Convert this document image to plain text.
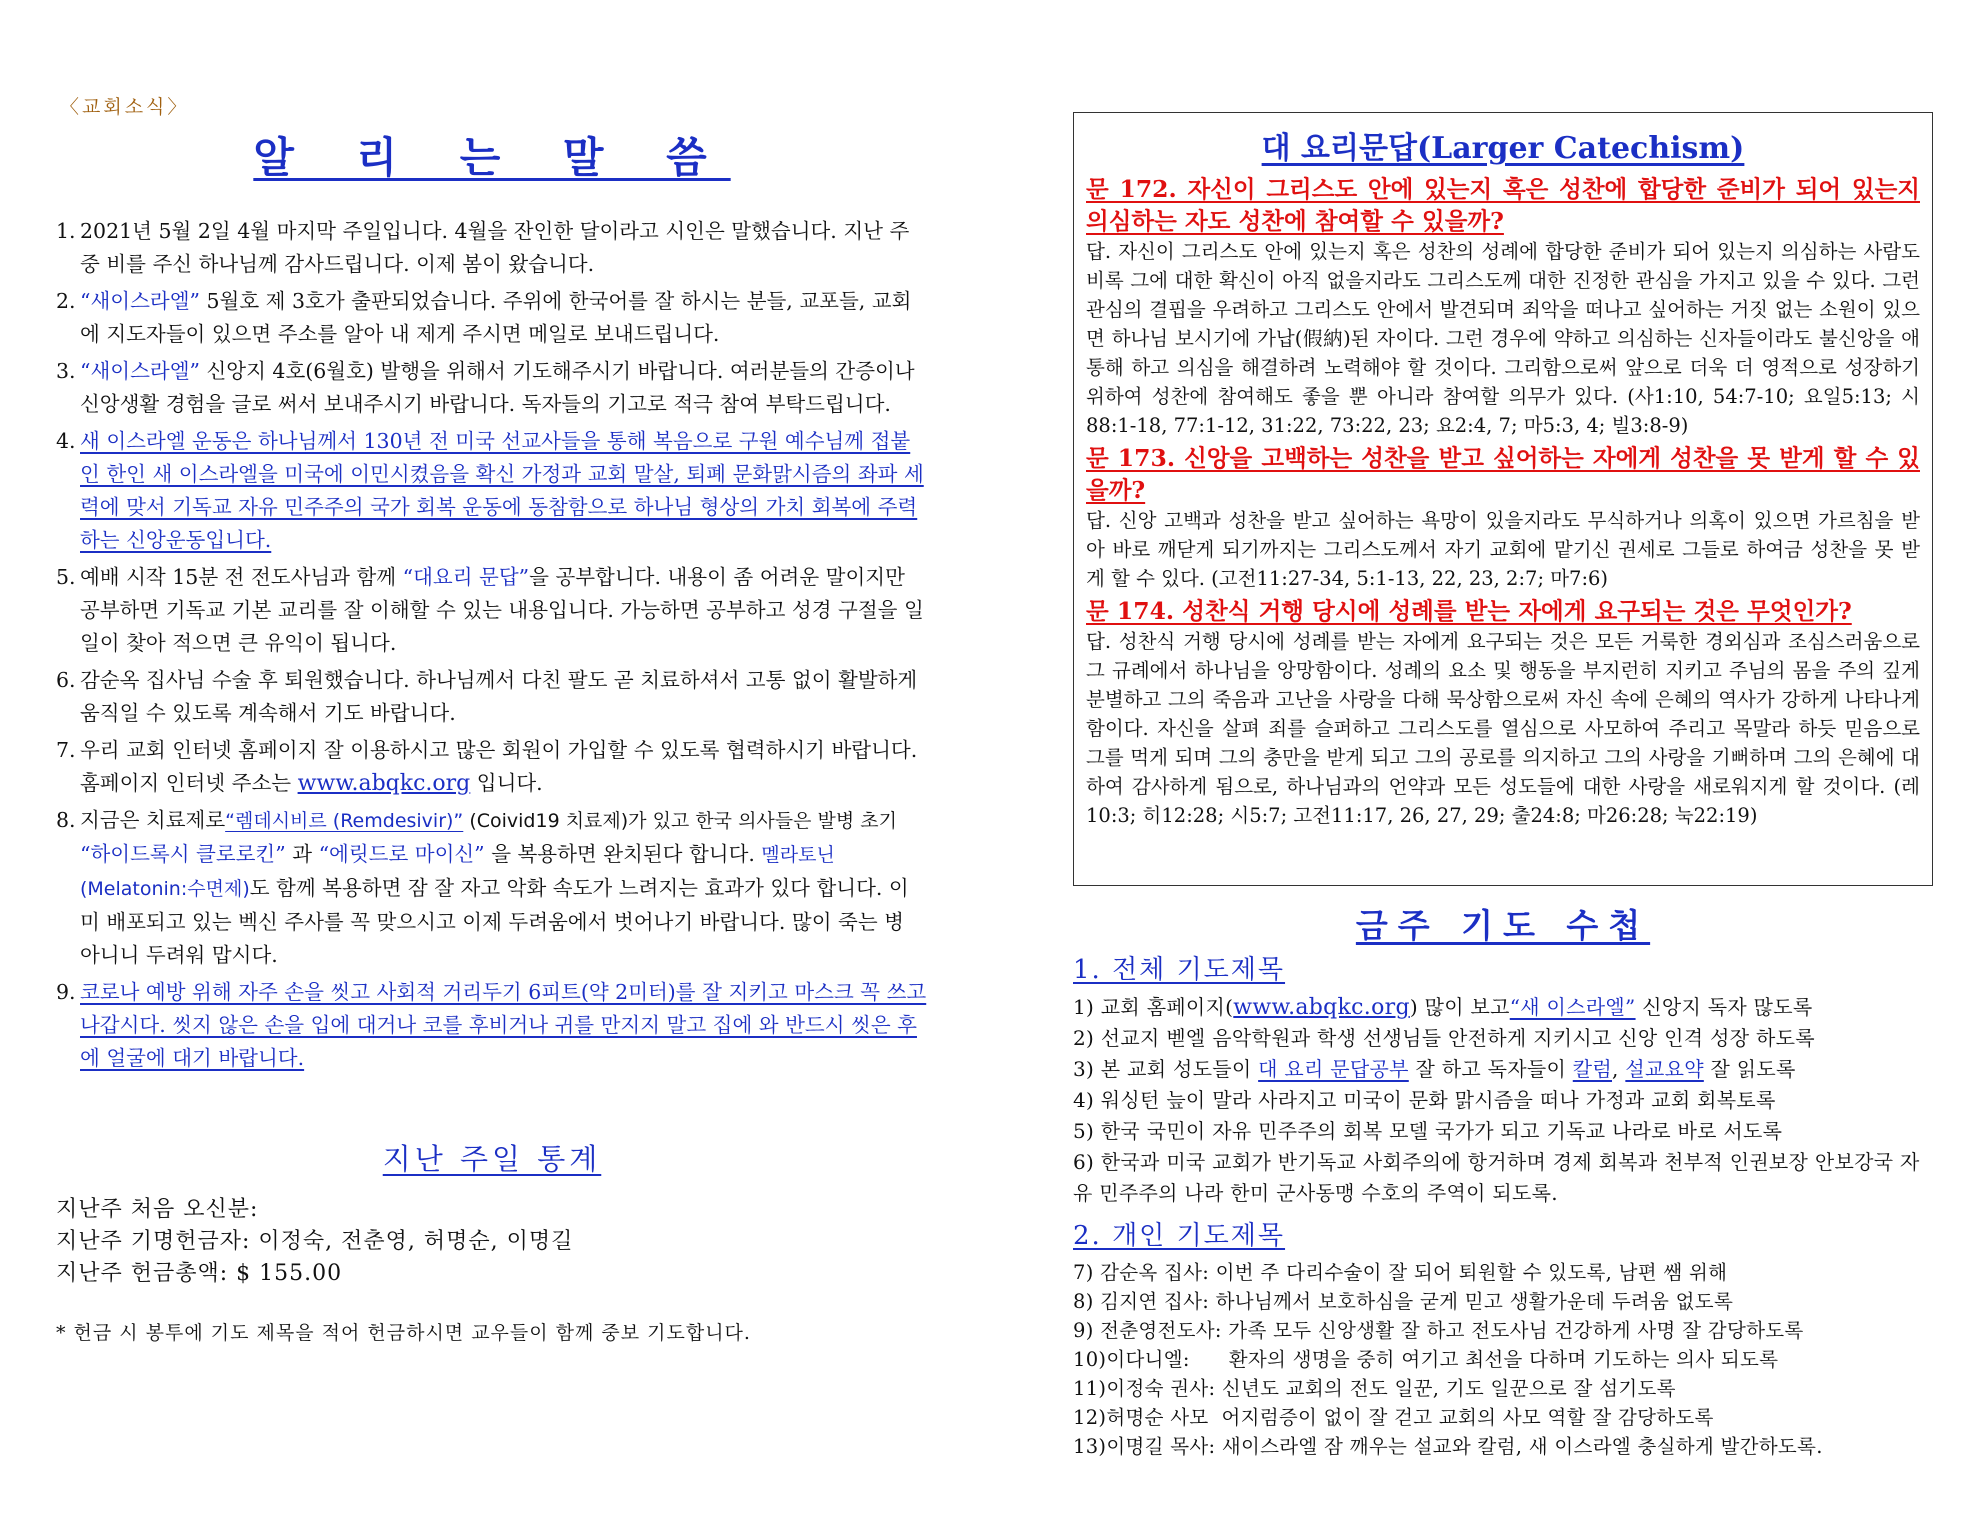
〈교회소식〉
알 리 는 말 씀

1. 2021년 5월 2일 4월 마지막 주일입니다. 4월을 잔인한 달이라고 시인은 말했습니다. 지난 주중 비를 주신 하나님께 감사드립니다. 이제 봄이 왔습니다.

2. “새이스라엘” 5월호 제 3호가 출판되었습니다. 주위에 한국어를 잘 하시는 분들, 교포들, 교회에 지도자들이 있으면 주소를 알아 내 제게 주시면 메일로 보내드립니다.

3. “새이스라엘” 신앙지 4호(6월호) 발행을 위해서 기도해주시기 바랍니다. 여러분들의 간증이나 신앙생활 경험을 글로 써서 보내주시기 바랍니다. 독자들의 기고로 적극 참여 부탁드립니다.

4. 새 이스라엘 운동은 하나님께서 130년 전 미국 선교사들을 통해 복음으로 구원 예수님께 접붙인 한인 새 이스라엘을 미국에 이민시켰음을 확신 가정과 교회 말살, 퇴폐 문화맑시즘의 좌파 세력에 맞서 기독교 자유 민주주의 국가 회복 운동에 동참함으로 하나님 형상의 가치 회복에 주력하는 신앙운동입니다.

5. 예배 시작 15분 전 전도사님과 함께 “대요리 문답”을 공부합니다. 내용이 좀 어려운 말이지만 공부하면 기독교 기본 교리를 잘 이해할 수 있는 내용입니다. 가능하면 공부하고 성경 구절을 일일이 찾아 적으면 큰 유익이 됩니다.

6. 감순옥 집사님 수술 후 퇴원했습니다. 하나님께서 다친 팔도 곧 치료하셔서 고통 없이 활발하게 움직일 수 있도록 계속해서 기도 바랍니다.

7. 우리 교회 인터넷 홈페이지 잘 이용하시고 많은 회원이 가입할 수 있도록 협력하시기 바랍니다. 홈페이지 인터넷 주소는 www.abqkc.org 입니다.

8. 지금은 치료제로“렘데시비르 (Remdesivir)” (Coivid19 치료제)가 있고 한국 의사들은 발병 초기 “하이드록시 클로로킨” 과 “에릿드로 마이신” 을 복용하면 완치된다 합니다. 멜라토닌(Melatonin:수면제)도 함께 복용하면 잠 잘 자고 악화 속도가 느려지는 효과가 있다 합니다. 이미 배포되고 있는 벡신 주사를 꼭 맞으시고 이제 두려움에서 벗어나기 바랍니다. 많이 죽는 병 아니니 두려워 맙시다.

9. 코로나 예방 위해 자주 손을 씻고 사회적 거리두기 6피트(약 2미터)를 잘 지키고 마스크 꼭 쓰고 나갑시다. 씻지 않은 손을 입에 대거나 코를 후비거나 귀를 만지지 말고 집에 와 반드시 씻은 후에 얼굴에 대기 바랍니다.

지난 주일 통계
지난주 처음 오신분:
지난주 기명헌금자: 이정숙, 전춘영, 허명순, 이명길
지난주 헌금총액: $ 155.00
* 헌금 시 봉투에 기도 제목을 적어 헌금하시면 교우들이 함께 중보 기도합니다.
대 요리문답(Larger Catechism)

문 172. 자신이 그리스도 안에 있는지 혹은 성찬에 합당한 준비가 되어 있는지 의심하는 자도 성찬에 참여할 수 있을까?

답. 자신이 그리스도 안에 있는지 혹은 성찬의 성례에 합당한 준비가 되어 있는지 의심하는 사람도 비록 그에 대한 확신이 아직 없을지라도 그리스도께 대한 진정한 관심을 가지고 있을 수 있다. 그런 관심의 결핍을 우려하고 그리스도 안에서 발견되며 죄악을 떠나고 싶어하는 거짓 없는 소원이 있으면 하나님 보시기에 가납(假納)된 자이다. 그런 경우에 약하고 의심하는 신자들이라도 불신앙을 애통해 하고 의심을 해결하려 노력해야 할 것이다. 그리함으로써 앞으로 더욱 더 영적으로 성장하기 위하여 성찬에 참여해도 좋을 뿐 아니라 참여할 의무가 있다. (사1:10, 54:7-10; 요일5:13; 시88:1-18, 77:1-12, 31:22, 73:22, 23; 요2:4, 7; 마5:3, 4; 빌3:8-9)

문 173. 신앙을 고백하는 성찬을 받고 싶어하는 자에게 성찬을 못 받게 할 수 있을까?

답. 신앙 고백과 성찬을 받고 싶어하는 욕망이 있을지라도 무식하거나 의혹이 있으면 가르침을 받아 바로 깨닫게 되기까지는 그리스도께서 자기 교회에 맡기신 권세로 그들로 하여금 성찬을 못 받게 할 수 있다. (고전11:27-34, 5:1-13, 22, 23, 2:7; 마7:6)

문 174. 성찬식 거행 당시에 성례를 받는 자에게 요구되는 것은 무엇인가?

답. 성찬식 거행 당시에 성례를 받는 자에게 요구되는 것은 모든 거룩한 경외심과 조심스러움으로 그 규례에서 하나님을 앙망함이다. 성례의 요소 및 행동을 부지런히 지키고 주님의 몸을 주의 깊게 분별하고 그의 죽음과 고난을 사랑을 다해 묵상함으로써 자신 속에 은혜의 역사가 강하게 나타나게 함이다. 자신을 살펴 죄를 슬퍼하고 그리스도를 열심으로 사모하여 주리고 목말라 하듯 믿음으로 그를 먹게 되며 그의 충만을 받게 되고 그의 공로를 의지하고 그의 사랑을 기뻐하며 그의 은혜에 대하여 감사하게 됨으로, 하나님과의 언약과 모든 성도들에 대한 사랑을 새로워지게 할 것이다. (레10:3; 히12:28; 시5:7; 고전11:17, 26, 27, 29; 출24:8; 마26:28; 눅22:19)

금주 기도 수첩
1. 전체 기도제목

1) 교회 홈페이지(www.abqkc.org) 많이 보고“새 이스라엘” 신앙지 독자 많도록

2) 선교지 벧엘 음악학원과 학생 선생님들 안전하게 지키시고 신앙 인격 성장 하도록

3) 본 교회 성도들이 대 요리 문답공부 잘 하고 독자들이 칼럼, 설교요약 잘 읽도록

4) 워싱턴 늪이 말라 사라지고 미국이 문화 맑시즘을 떠나 가정과 교회 회복토록

5) 한국 국민이 자유 민주주의 회복 모델 국가가 되고 기독교 나라로 바로 서도록

6) 한국과 미국 교회가 반기독교 사회주의에 항거하며 경제 회복과 천부적 인권보장 안보강국 자유 민주주의 나라 한미 군사동맹 수호의 주역이 되도록.

2. 개인 기도제목

7) 감순옥 집사: 이번 주 다리수술이 잘 되어 퇴원할 수 있도록, 남편 쌤 위해

8) 김지연 집사: 하나님께서 보호하심을 굳게 믿고 생활가운데 두려움 없도록

9) 전춘영전도사: 가족 모두 신앙생활 잘 하고 전도사님 건강하게 사명 잘 감당하도록

10)이다니엘:      환자의 생명을 중히 여기고 최선을 다하며 기도하는 의사 되도록

11)이정숙 권사: 신년도 교회의 전도 일꾼, 기도 일꾼으로 잘 섬기도록

12)허명순 사모  어지럼증이 없이 잘 걷고 교회의 사모 역할 잘 감당하도록

13)이명길 목사: 새이스라엘 잠 깨우는 설교와 칼럼, 새 이스라엘 충실하게 발간하도록.
